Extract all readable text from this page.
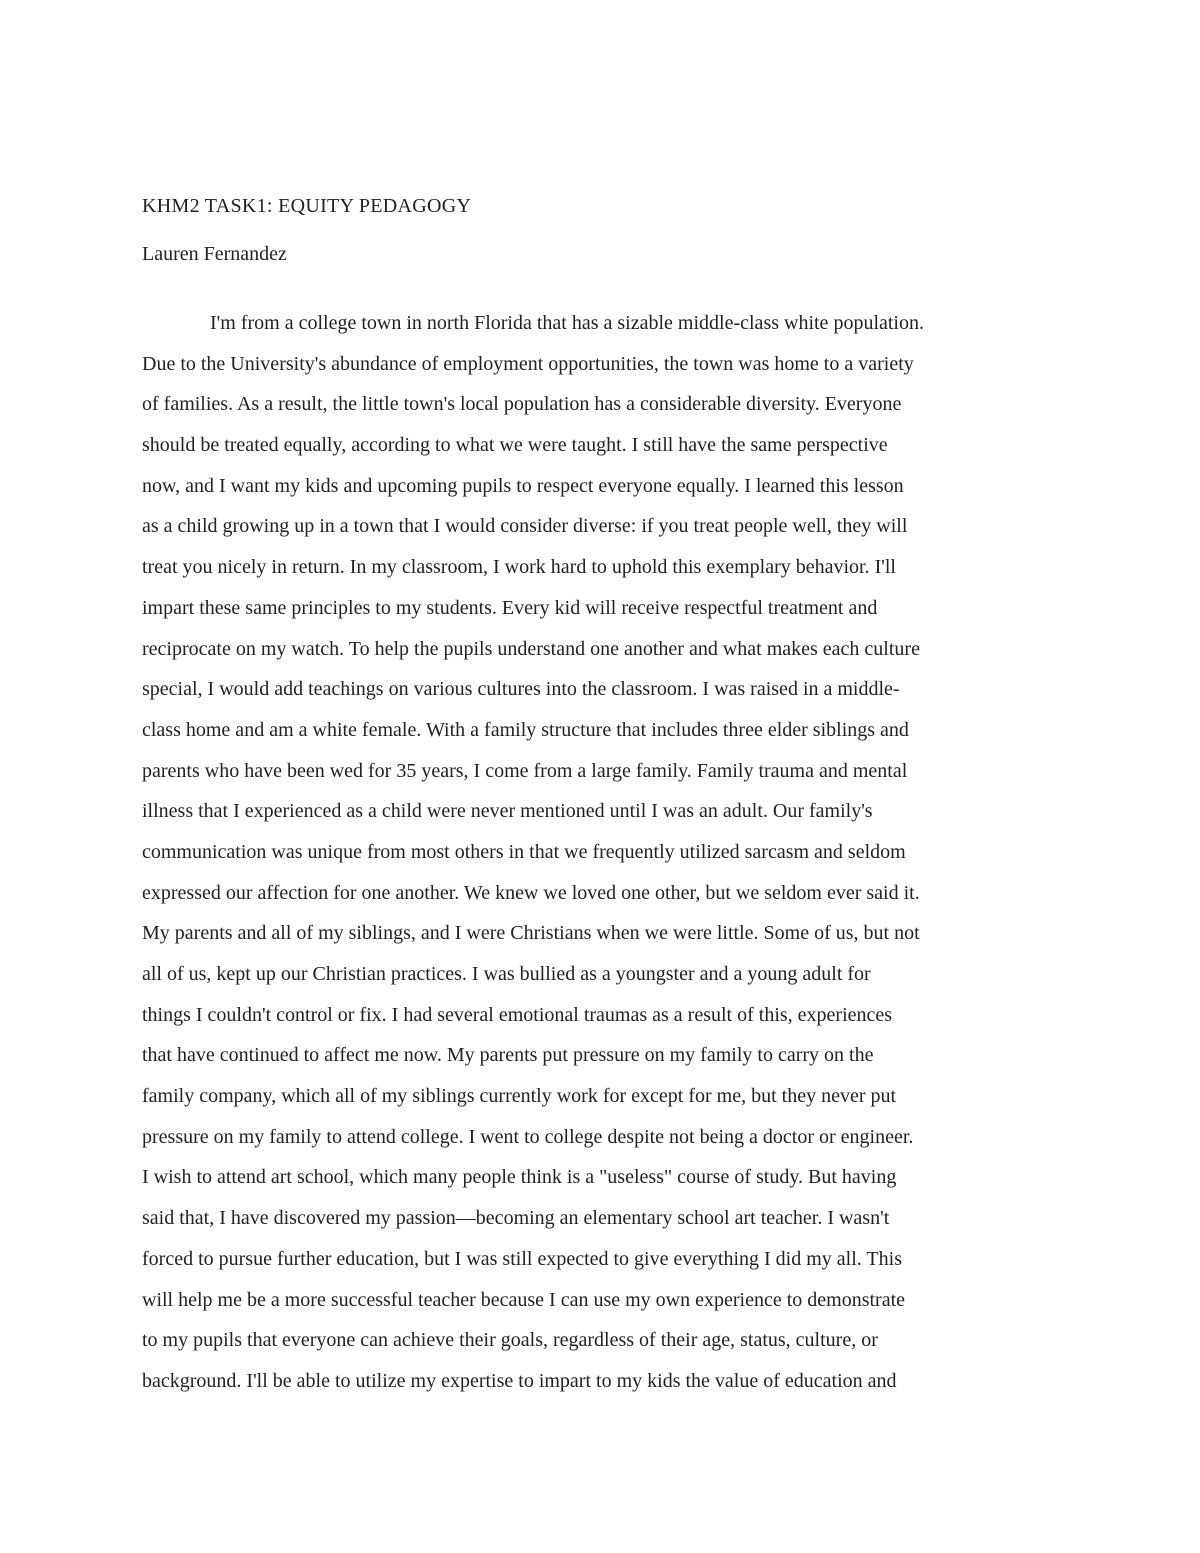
KHM2 TASK1: EQUITY PEDAGOGY
Lauren Fernandez
I'm from a college town in north Florida that has a sizable middle-class white population.
Due to the University's abundance of employment opportunities, the town was home to a variety
of families. As a result, the little town's local population has a considerable diversity. Everyone
should be treated equally, according to what we were taught. I still have the same perspective
now, and I want my kids and upcoming pupils to respect everyone equally. I learned this lesson
as a child growing up in a town that I would consider diverse: if you treat people well, they will
treat you nicely in return. In my classroom, I work hard to uphold this exemplary behavior. I'll
impart these same principles to my students. Every kid will receive respectful treatment and
reciprocate on my watch. To help the pupils understand one another and what makes each culture
special, I would add teachings on various cultures into the classroom. I was raised in a middle-
class home and am a white female. With a family structure that includes three elder siblings and
parents who have been wed for 35 years, I come from a large family. Family trauma and mental
illness that I experienced as a child were never mentioned until I was an adult. Our family's
communication was unique from most others in that we frequently utilized sarcasm and seldom
expressed our affection for one another. We knew we loved one other, but we seldom ever said it.
My parents and all of my siblings, and I were Christians when we were little. Some of us, but not
all of us, kept up our Christian practices. I was bullied as a youngster and a young adult for
things I couldn't control or fix. I had several emotional traumas as a result of this, experiences
that have continued to affect me now. My parents put pressure on my family to carry on the
family company, which all of my siblings currently work for except for me, but they never put
pressure on my family to attend college. I went to college despite not being a doctor or engineer.
I wish to attend art school, which many people think is a "useless" course of study. But having
said that, I have discovered my passion—becoming an elementary school art teacher. I wasn't
forced to pursue further education, but I was still expected to give everything I did my all. This
will help me be a more successful teacher because I can use my own experience to demonstrate
to my pupils that everyone can achieve their goals, regardless of their age, status, culture, or
background. I'll be able to utilize my expertise to impart to my kids the value of education and
